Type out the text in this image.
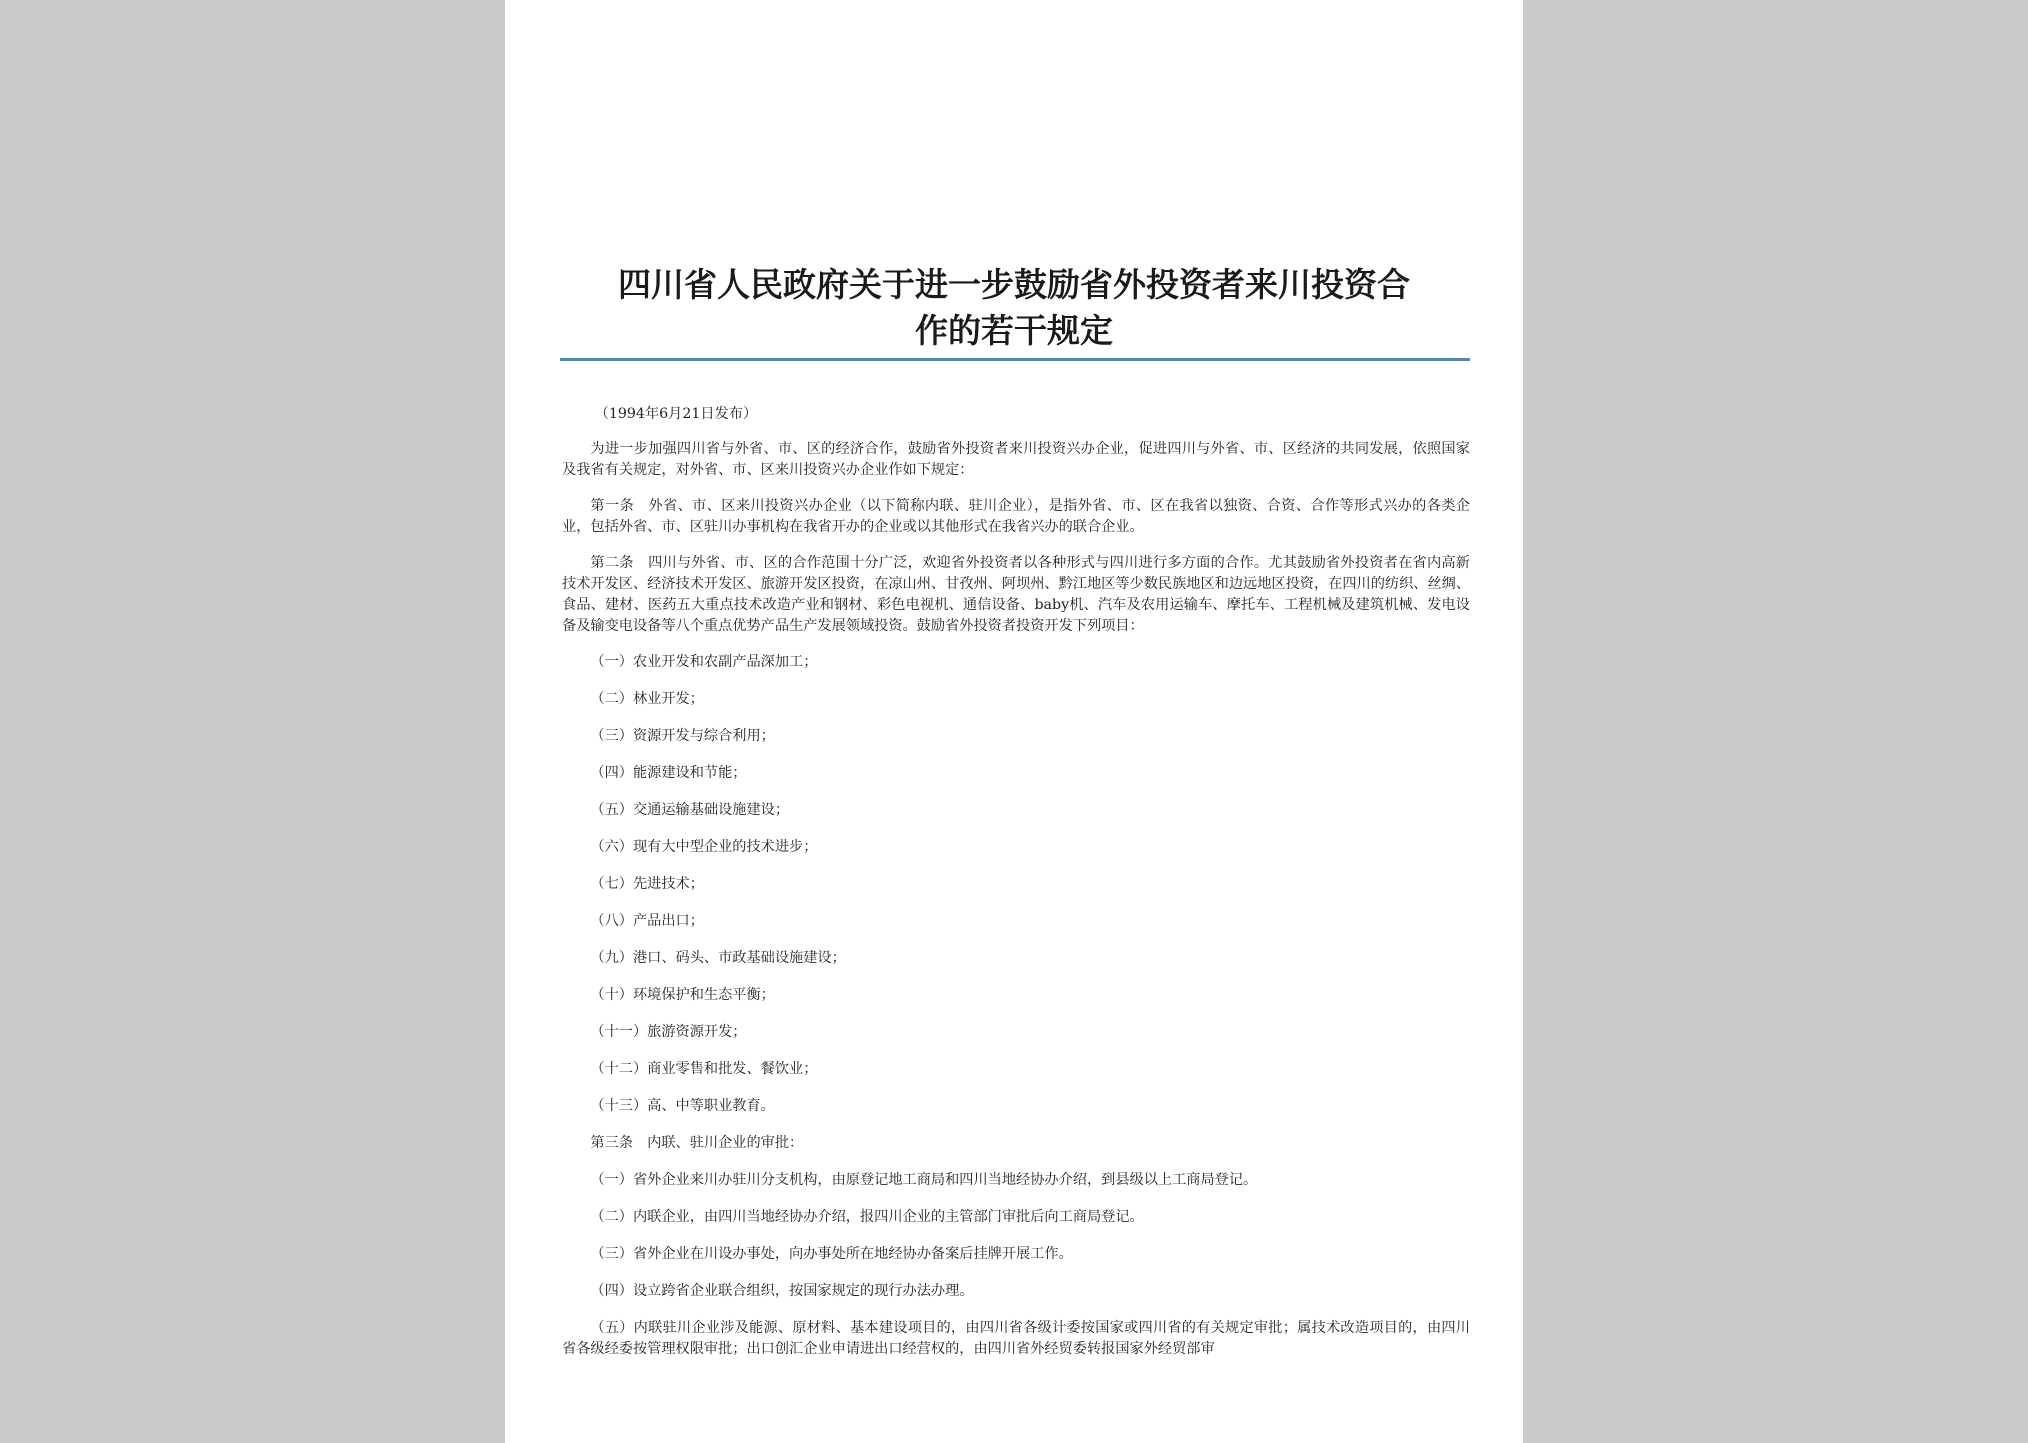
四川省人民政府关于进一步鼓励省外投资者来川投资合
作的若干规定

（1994年6月21日发布）

为进一步加强四川省与外省、市、区的经济合作，鼓励省外投资者来川投资兴办企业，促进四川与外省、市、区经济的共同发展，依照国家及我省有关规定，对外省、市、区来川投资兴办企业作如下规定：

第一条　外省、市、区来川投资兴办企业（以下简称内联、驻川企业），是指外省、市、区在我省以独资、合资、合作等形式兴办的各类企业，包括外省、市、区驻川办事机构在我省开办的企业或以其他形式在我省兴办的联合企业。

第二条　四川与外省、市、区的合作范围十分广泛，欢迎省外投资者以各种形式与四川进行多方面的合作。尤其鼓励省外投资者在省内高新技术开发区、经济技术开发区、旅游开发区投资，在凉山州、甘孜州、阿坝州、黔江地区等少数民族地区和边远地区投资，在四川的纺织、丝绸、食品、建材、医药五大重点技术改造产业和钢材、彩色电视机、通信设备、baby机、汽车及农用运输车、摩托车、工程机械及建筑机械、发电设备及输变电设备等八个重点优势产品生产发展领域投资。鼓励省外投资者投资开发下列项目：

（一）农业开发和农副产品深加工；

（二）林业开发；

（三）资源开发与综合利用；

（四）能源建设和节能；

（五）交通运输基础设施建设；

（六）现有大中型企业的技术进步；

（七）先进技术；

（八）产品出口；

（九）港口、码头、市政基础设施建设；

（十）环境保护和生态平衡；

（十一）旅游资源开发；

（十二）商业零售和批发、餐饮业；

（十三）高、中等职业教育。

第三条　内联、驻川企业的审批：

（一）省外企业来川办驻川分支机构，由原登记地工商局和四川当地经协办介绍，到县级以上工商局登记。

（二）内联企业，由四川当地经协办介绍，报四川企业的主管部门审批后向工商局登记。

（三）省外企业在川设办事处，向办事处所在地经协办备案后挂牌开展工作。

（四）设立跨省企业联合组织，按国家规定的现行办法办理。

（五）内联驻川企业涉及能源、原材料、基本建设项目的，由四川省各级计委按国家或四川省的有关规定审批；属技术改造项目的，由四川省各级经委按管理权限审批；出口创汇企业申请进出口经营权的，由四川省外经贸委转报国家外经贸部审
